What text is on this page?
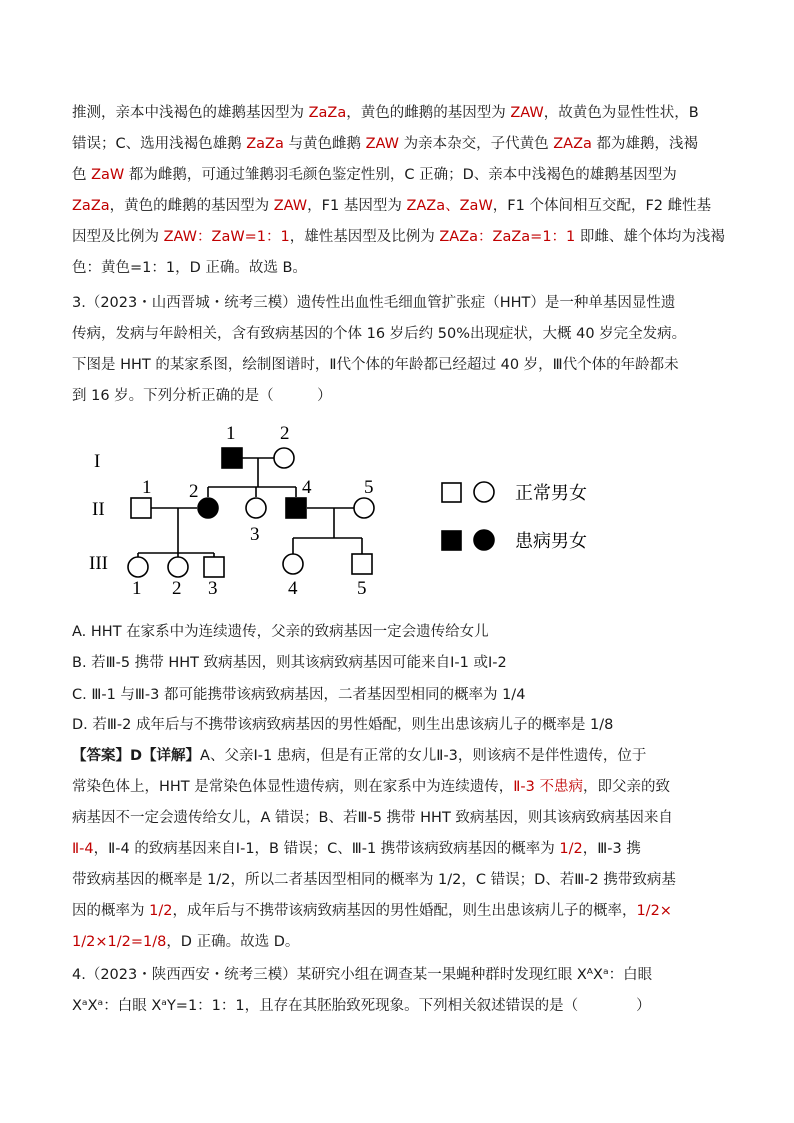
推测，亲本中浅褐色的雄鹅基因型为 ZaZa，黄色的雌鹅的基因型为 ZAW，故黄色为显性性状，B
错误；C、选用浅褐色雄鹅 ZaZa 与黄色雌鹅 ZAW 为亲本杂交，子代黄色 ZAZa 都为雄鹅，浅褐
色 ZaW 都为雌鹅，可通过雏鹅羽毛颜色鉴定性别，C 正确；D、亲本中浅褐色的雄鹅基因型为
ZaZa，黄色的雌鹅的基因型为 ZAW，F1 基因型为 ZAZa、ZaW，F1 个体间相互交配，F2 雌性基
因型及比例为 ZAW：ZaW=1：1，雄性基因型及比例为 ZAZa：ZaZa=1：1 即雌、雄个体均为浅褐
色：黄色=1：1，D 正确。故选 B。
3.（2023・山西晋城・统考三模）遗传性出血性毛细血管扩张症（HHT）是一种单基因显性遗
传病，发病与年龄相关，含有致病基因的个体 16 岁后约 50%出现症状，大概 40 岁完全发病。
下图是 HHT 的某家系图，绘制图谱时，Ⅱ代个体的年龄都已经超过 40 岁，Ⅲ代个体的年龄都未
到 16 岁。下列分析正确的是（　　　）
I
II
III
1 2
1 2
3
4	5
1 2 3	4	5
正常男女
患病男女
A. HHT 在家系中为连续遗传，父亲的致病基因一定会遗传给女儿
B. 若Ⅲ-5 携带 HHT 致病基因，则其该病致病基因可能来自Ⅰ-1 或Ⅰ-2
C. Ⅲ-1 与Ⅲ-3 都可能携带该病致病基因，二者基因型相同的概率为 1/4
D. 若Ⅲ-2 成年后与不携带该病致病基因的男性婚配，则生出患该病儿子的概率是 1/8
【答案】D【详解】A、父亲Ⅰ-1 患病，但是有正常的女儿Ⅱ-3，则该病不是伴性遗传，位于
常染色体上，HHT 是常染色体显性遗传病，则在家系中为连续遗传，Ⅱ-3 不患病，即父亲的致
病基因不一定会遗传给女儿，A 错误；B、若Ⅲ-5 携带 HHT 致病基因，则其该病致病基因来自
Ⅱ-4，Ⅱ-4 的致病基因来自Ⅰ-1，B 错误；C、Ⅲ-1 携带该病致病基因的概率为 1/2，Ⅲ-3 携
带致病基因的概率是 1/2，所以二者基因型相同的概率为 1/2，C 错误；D、若Ⅲ-2 携带致病基
因的概率为 1/2，成年后与不携带该病致病基因的男性婚配，则生出患该病儿子的概率，1/2×
1/2×1/2=1/8，D 正确。故选 D。
4.（2023・陕西西安・统考三模）某研究小组在调查某一果蝇种群时发现红眼 XᴬXᵃ：白眼
XᵃXᵃ：白眼 XᵃY=1：1：1，且存在其胚胎致死现象。下列相关叙述错误的是（　　　　）
